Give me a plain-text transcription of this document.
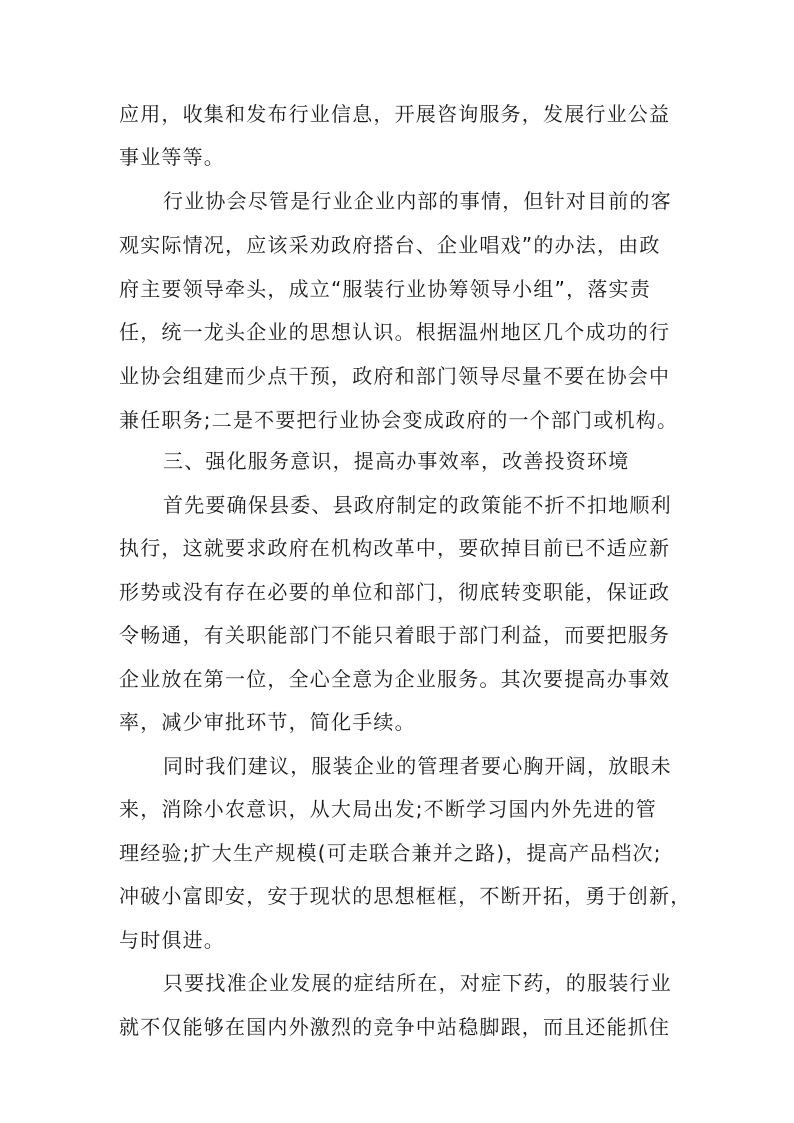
应用，收集和发布行业信息，开展咨询服务，发展行业公益
事业等等。
行业协会尽管是行业企业内部的事情，但针对目前的客
观实际情况，应该采劝政府搭台、企业唱戏”的办法，由政
府主要领导牵头，成立“服装行业协筹领导小组”，落实责
任，统一龙头企业的思想认识。根据温州地区几个成功的行
业协会组建而少点干预，政府和部门领导尽量不要在协会中
兼任职务;二是不要把行业协会变成政府的一个部门或机构。
三、强化服务意识，提高办事效率，改善投资环境
首先要确保县委、县政府制定的政策能不折不扣地顺利
执行，这就要求政府在机构改革中，要砍掉目前已不适应新
形势或没有存在必要的单位和部门，彻底转变职能，保证政
令畅通，有关职能部门不能只着眼于部门利益，而要把服务
企业放在第一位，全心全意为企业服务。其次要提高办事效
率，减少审批环节，简化手续。
同时我们建议，服装企业的管理者要心胸开阔，放眼未
来，消除小农意识，从大局出发;不断学习国内外先进的管
理经验;扩大生产规模(可走联合兼并之路)，提高产品档次;
冲破小富即安，安于现状的思想框框，不断开拓，勇于创新，
与时俱进。
只要找准企业发展的症结所在，对症下药，的服装行业
就不仅能够在国内外激烈的竞争中站稳脚跟，而且还能抓住
